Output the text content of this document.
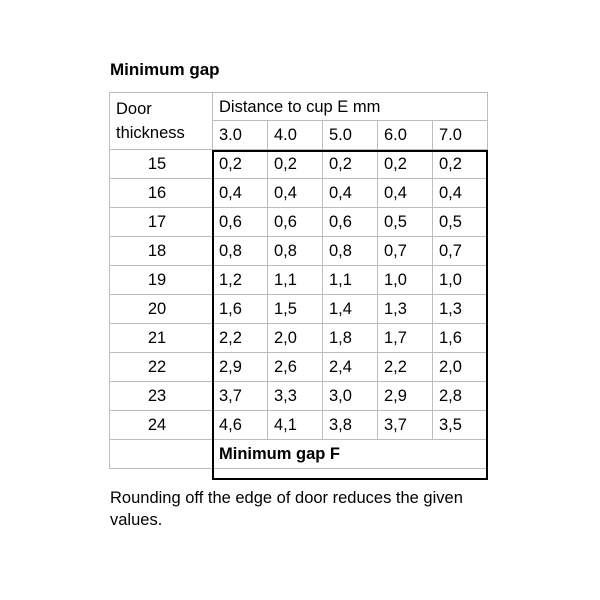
Minimum gap
Door
thickness	Distance to cup E mm				
	3.0	4.0	5.0	6.0	7.0
15	0,2	0,2	0,2	0,2	0,2
16	0,4	0,4	0,4	0,4	0,4
17	0,6	0,6	0,6	0,5	0,5
18	0,8	0,8	0,8	0,7	0,7
19	1,2	1,1	1,1	1,0	1,0
20	1,6	1,5	1,4	1,3	1,3
21	2,2	2,0	1,8	1,7	1,6
22	2,9	2,6	2,4	2,2	2,0
23	3,7	3,3	3,0	2,9	2,8
24	4,6	4,1	3,8	3,7	3,5
	Minimum gap F				
Rounding off the edge of door reduces the given values.
